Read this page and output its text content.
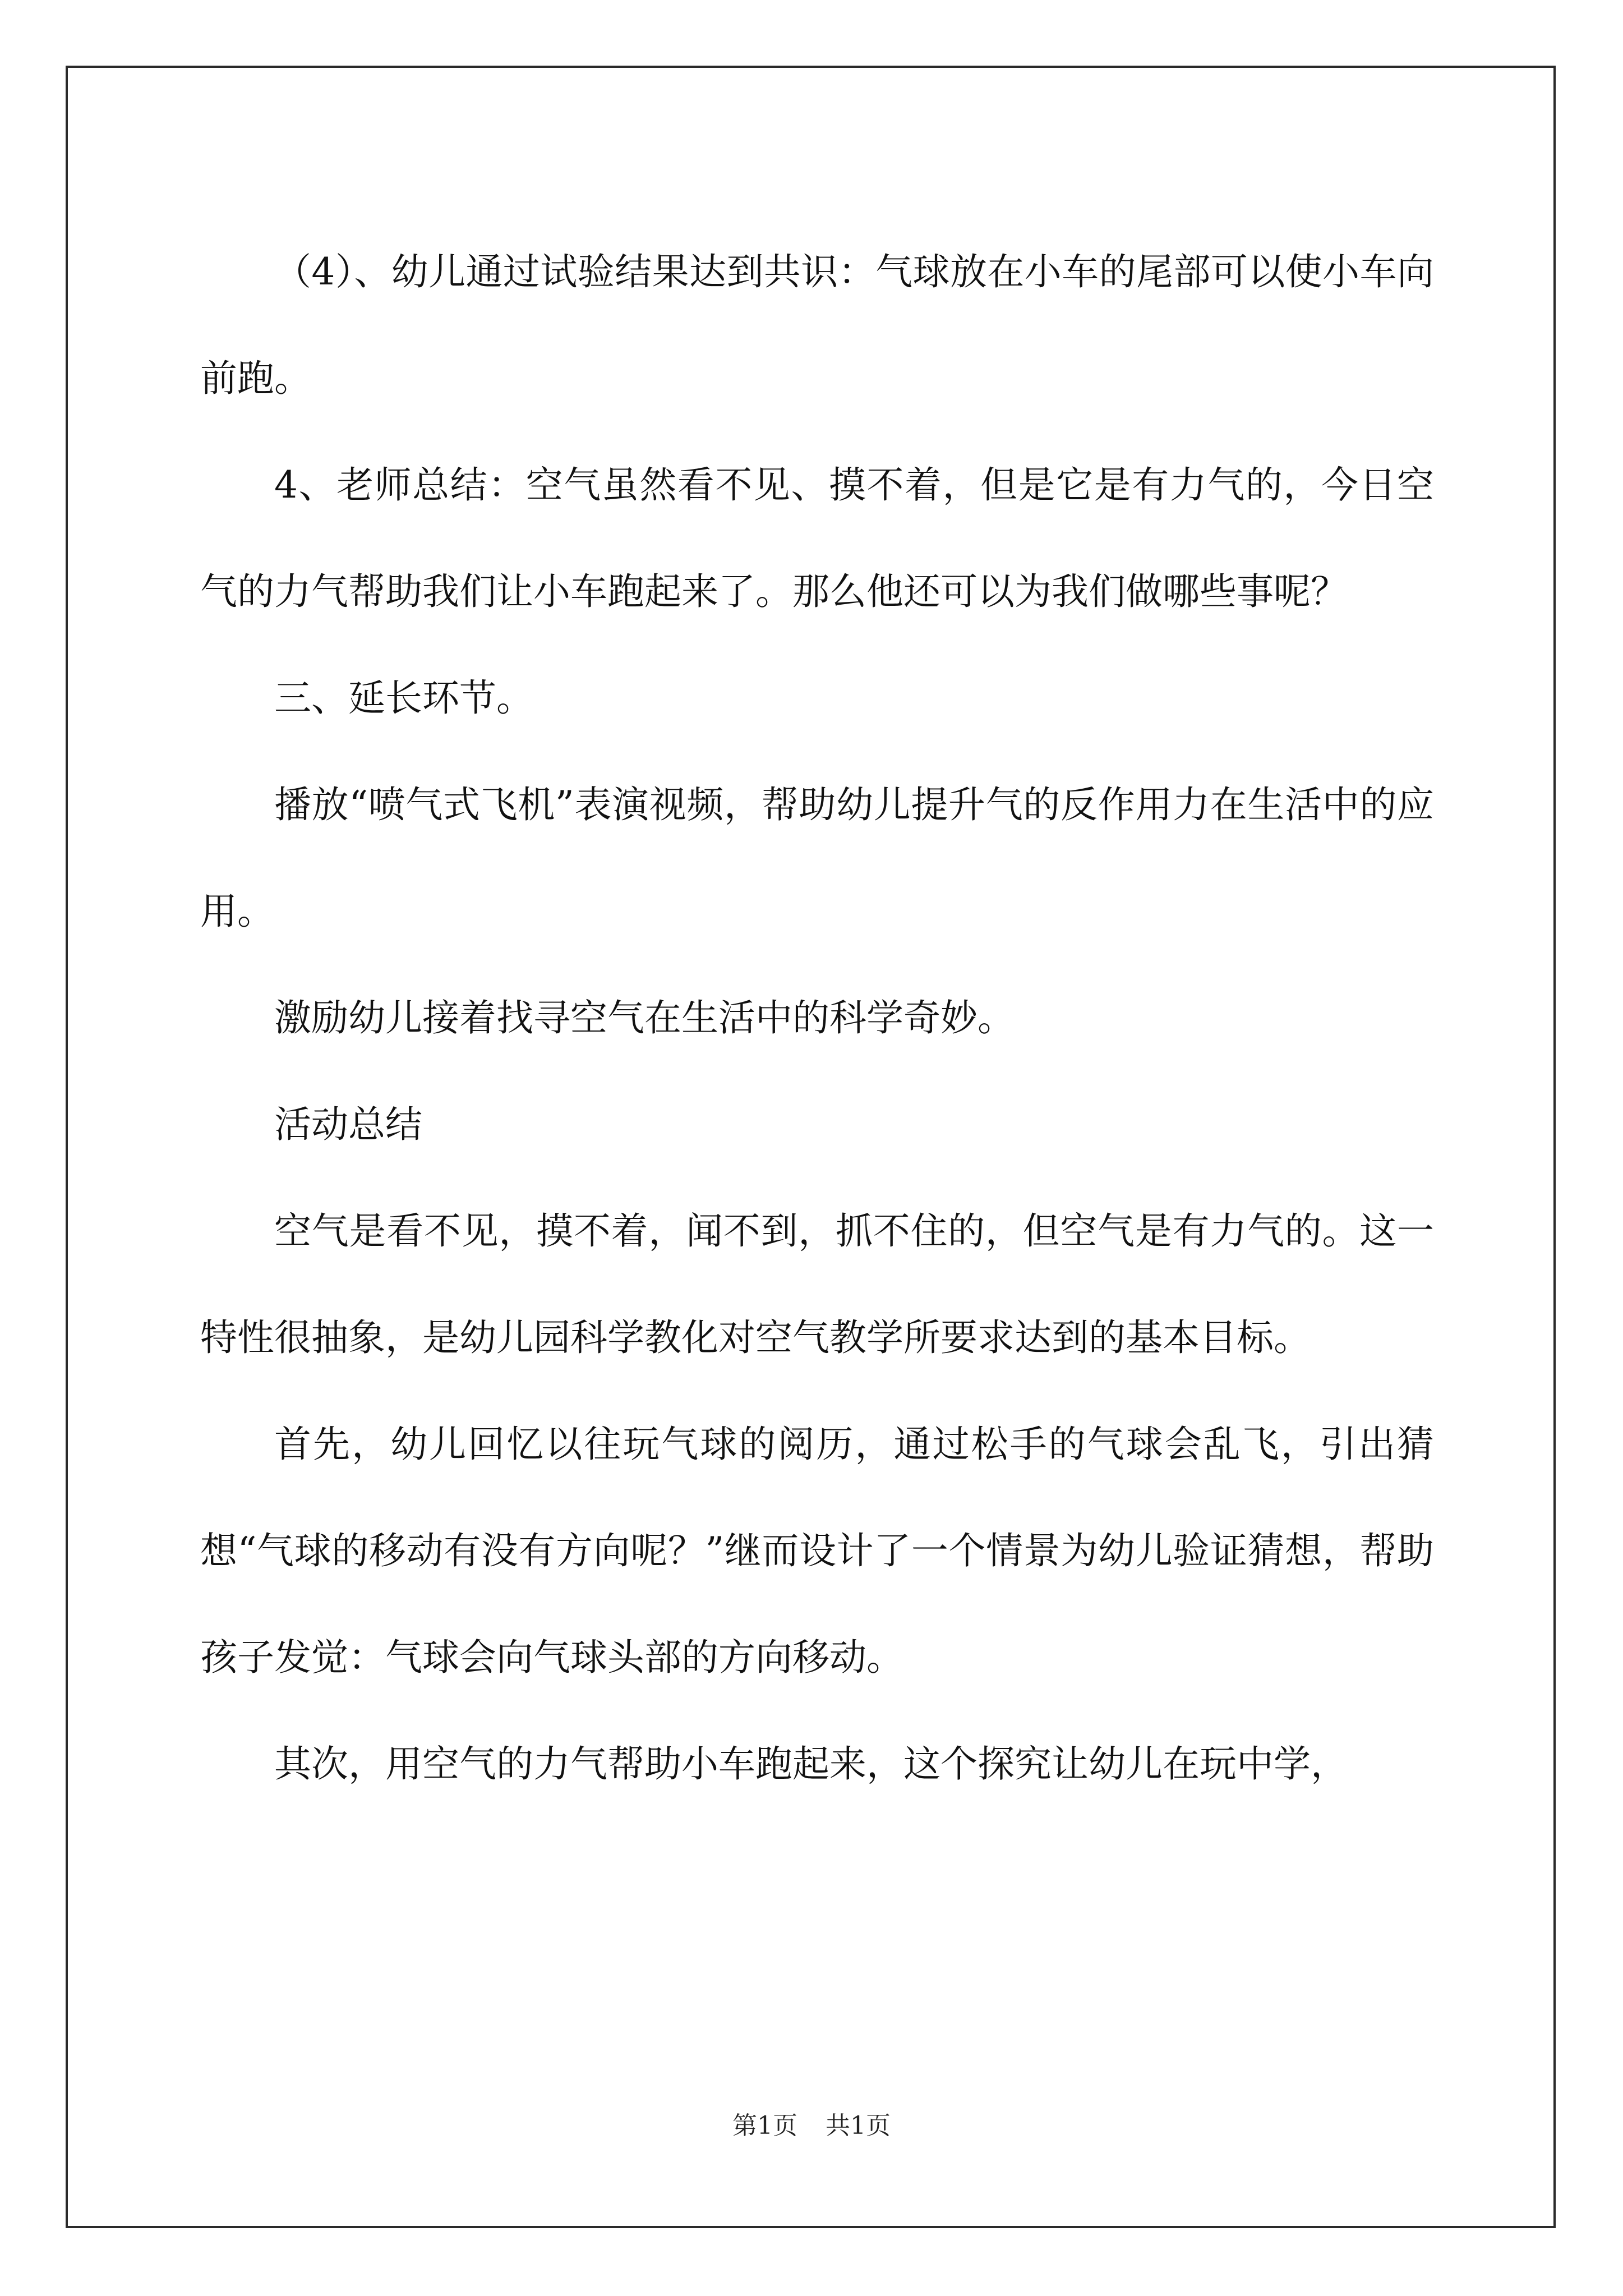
（4）、幼儿通过试验结果达到共识：气球放在小车的尾部可以使小车向前跑。

4、老师总结：空气虽然看不见、摸不着，但是它是有力气的，今日空气的力气帮助我们让小车跑起来了。那么他还可以为我们做哪些事呢？

三、延长环节。

播放“喷气式飞机”表演视频，帮助幼儿提升气的反作用力在生活中的应用。

激励幼儿接着找寻空气在生活中的科学奇妙。

活动总结

空气是看不见，摸不着，闻不到，抓不住的，但空气是有力气的。这一特性很抽象，是幼儿园科学教化对空气教学所要求达到的基本目标。

首先，幼儿回忆以往玩气球的阅历，通过松手的气球会乱飞，引出猜想“气球的移动有没有方向呢？”继而设计了一个情景为幼儿验证猜想，帮助孩子发觉：气球会向气球头部的方向移动。

其次，用空气的力气帮助小车跑起来，这个探究让幼儿在玩中学，

第1页 共1页
